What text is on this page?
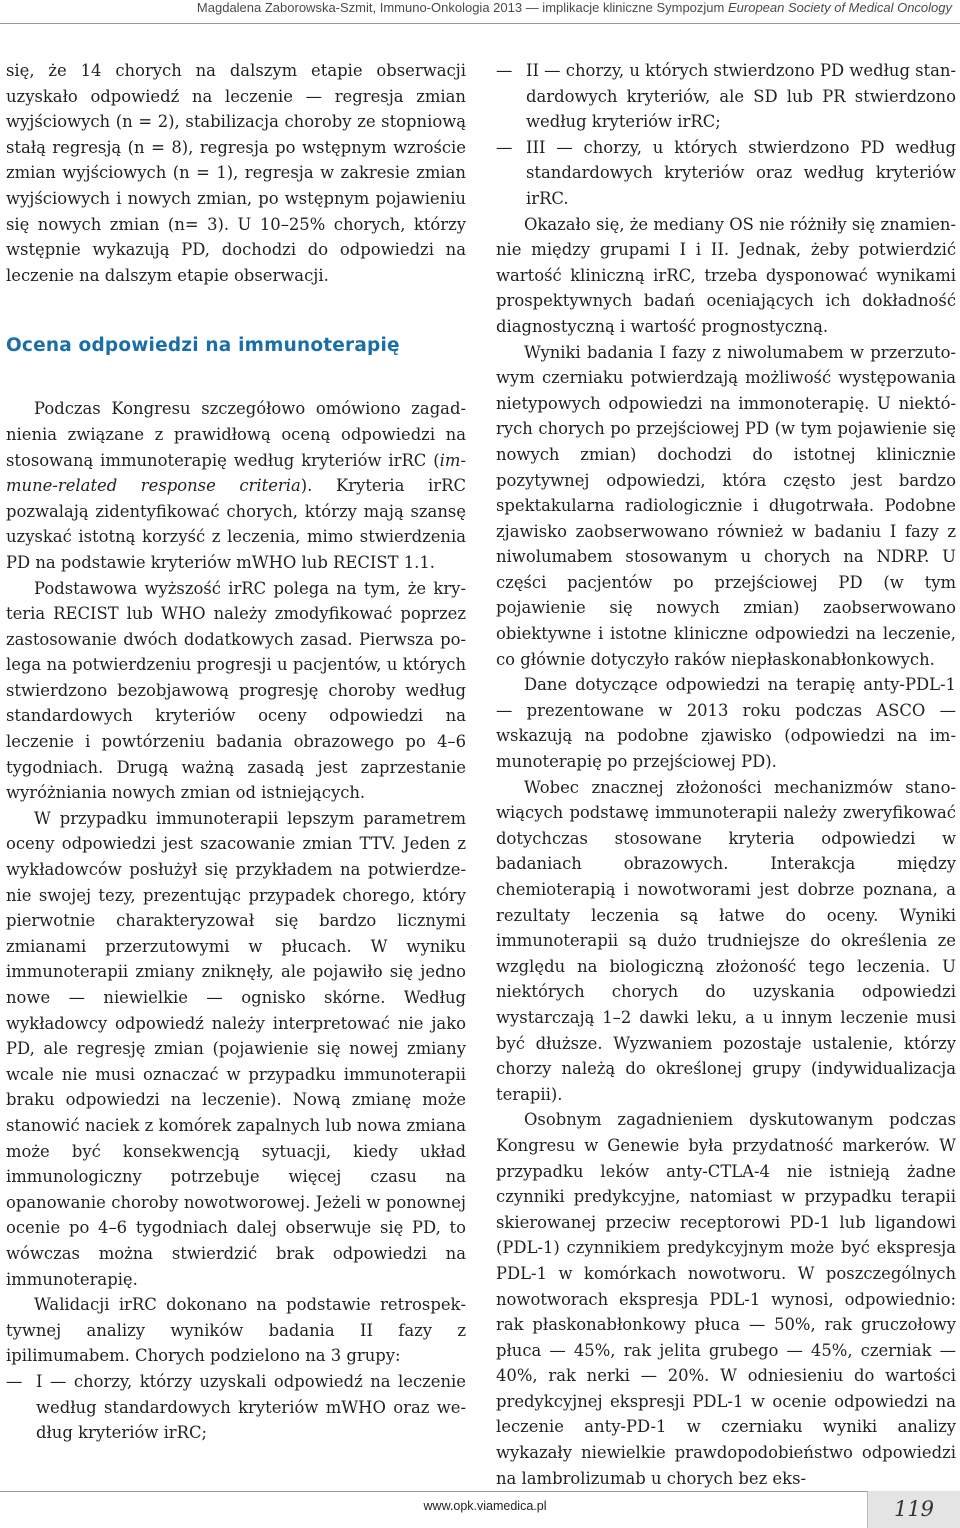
Magdalena Zaborowska-Szmit, Immuno-Onkologia 2013 — implikacje kliniczne Sympozjum European Society of Medical Oncology

się, że 14 chorych na dalszym etapie obserwacji uzyskało odpowiedź na leczenie — regresja zmian wyjściowych (n = 2), stabilizacja choroby ze stopniową stałą regresją (n = 8), regresja po wstępnym wzroście zmian wyjściowych (n = 1), regresja w zakresie zmian wyjściowych i nowych zmian, po wstępnym pojawieniu się nowych zmian (n= 3). U 10–25% chorych, którzy wstępnie wykazują PD, dochodzi do odpowiedzi na leczenie na dalszym etapie obserwacji.

Ocena odpowiedzi na immunoterapię

Podczas Kongresu szczegółowo omówiono zagadnienia związane z prawidłową oceną odpowiedzi na stosowaną immunoterapię według kryteriów irRC (immune-related response criteria). Kryteria irRC pozwalają zidentyfikować chorych, którzy mają szansę uzyskać istotną korzyść z leczenia, mimo stwierdzenia PD na podstawie kryteriów mWHO lub RECIST 1.1.

Podstawowa wyższość irRC polega na tym, że kryteria RECIST lub WHO należy zmodyfikować poprzez zastosowanie dwóch dodatkowych zasad. Pierwsza polega na potwierdzeniu progresji u pacjentów, u których stwierdzono bezobjawową progresję choroby według standardowych kryteriów oceny odpowiedzi na leczenie i powtórzeniu badania obrazowego po 4–6 tygodniach. Drugą ważną zasadą jest zaprzestanie wyróżniania nowych zmian od istniejących.

W przypadku immunoterapii lepszym parametrem oceny odpowiedzi jest szacowanie zmian TTV. Jeden z wykładowców posłużył się przykładem na potwierdzenie swojej tezy, prezentując przypadek chorego, który pierwotnie charakteryzował się bardzo licznymi zmianami przerzutowymi w płucach. W wyniku immunoterapii zmiany zniknęły, ale pojawiło się jedno nowe — niewielkie — ognisko skórne. Według wykładowcy odpowiedź należy interpretować nie jako PD, ale regresję zmian (pojawienie się nowej zmiany wcale nie musi oznaczać w przypadku immunoterapii braku odpowiedzi na leczenie). Nową zmianę może stanowić naciek z komórek zapalnych lub nowa zmiana może być konsekwencją sytuacji, kiedy układ immunologiczny potrzebuje więcej czasu na opanowanie choroby nowotworowej. Jeżeli w ponownej ocenie po 4–6 tygodniach dalej obserwuje się PD, to wówczas można stwierdzić brak odpowiedzi na immunoterapię.

Walidacji irRC dokonano na podstawie retrospektywnej analizy wyników badania II fazy z ipilimumabem. Chorych podzielono na 3 grupy:

— I — chorzy, którzy uzyskali odpowiedź na leczenie według standardowych kryteriów mWHO oraz według kryteriów irRC;
— II — chorzy, u których stwierdzono PD według standardowych kryteriów, ale SD lub PR stwierdzono według kryteriów irRC;
— III — chorzy, u których stwierdzono PD według standardowych kryteriów oraz według kryteriów irRC.

Okazało się, że mediany OS nie różniły się znamiennie między grupami I i II. Jednak, żeby potwierdzić wartość kliniczną irRC, trzeba dysponować wynikami prospektywnych badań oceniających ich dokładność diagnostyczną i wartość prognostyczną.

Wyniki badania I fazy z niwolumabem w przerzutowym czerniaku potwierdzają możliwość występowania nietypowych odpowiedzi na immonoterapię. U niektórych chorych po przejściowej PD (w tym pojawienie się nowych zmian) dochodzi do istotnej klinicznie pozytywnej odpowiedzi, która często jest bardzo spektakularna radiologicznie i długotrwała. Podobne zjawisko zaobserwowano również w badaniu I fazy z niwolumabem stosowanym u chorych na NDRP. U części pacjentów po przejściowej PD (w tym pojawienie się nowych zmian) zaobserwowano obiektywne i istotne kliniczne odpowiedzi na leczenie, co głównie dotyczyło raków niepłaskonabłonkowych.

Dane dotyczące odpowiedzi na terapię anty-PDL-1 — prezentowane w 2013 roku podczas ASCO — wskazują na podobne zjawisko (odpowiedzi na immunoterapię po przejściowej PD).

Wobec znacznej złożoności mechanizmów stanowiących podstawę immunoterapii należy zweryfikować dotychczas stosowane kryteria odpowiedzi w badaniach obrazowych. Interakcja między chemioterapią i nowotworami jest dobrze poznana, a rezultaty leczenia są łatwe do oceny. Wyniki immunoterapii są dużo trudniejsze do określenia ze względu na biologiczną złożoność tego leczenia. U niektórych chorych do uzyskania odpowiedzi wystarczają 1–2 dawki leku, a u innym leczenie musi być dłuższe. Wyzwaniem pozostaje ustalenie, którzy chorzy należą do określonej grupy (indywidualizacja terapii).

Osobnym zagadnieniem dyskutowanym podczas Kongresu w Genewie była przydatność markerów. W przypadku leków anty-CTLA-4 nie istnieją żadne czynniki predykcyjne, natomiast w przypadku terapii skierowanej przeciw receptorowi PD-1 lub ligandowi (PDL-1) czynnikiem predykcyjnym może być ekspresja PDL-1 w komórkach nowotworu. W poszczególnych nowotworach ekspresja PDL-1 wynosi, odpowiednio: rak płaskonabłonkowy płuca — 50%, rak gruczołowy płuca — 45%, rak jelita grubego — 45%, czerniak — 40%, rak nerki — 20%. W odniesieniu do wartości predykcyjnej ekspresji PDL-1 w ocenie odpowiedzi na leczenie anty-PD-1 w czerniaku wyniki analizy wykazały niewielkie prawdopodobieństwo odpowiedzi na lambrolizumab u chorych bez eks-

www.opk.viamedica.pl	119
